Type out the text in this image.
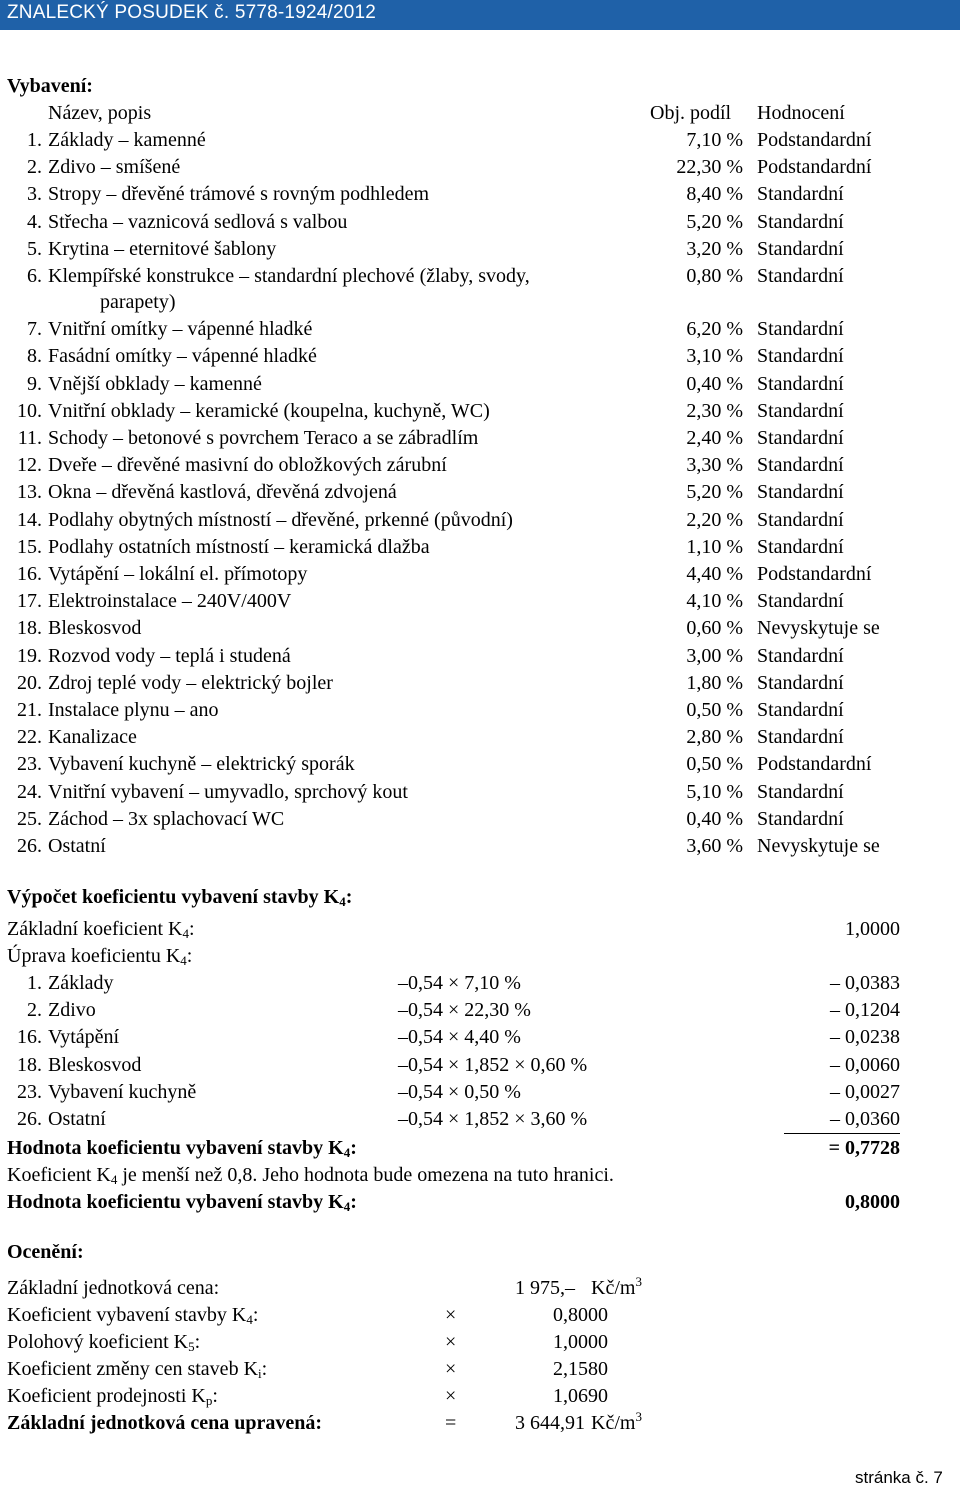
ZNALECKÝ POSUDEK č. 5778-1924/2012
Vybavení:
Název, popis	Obj. podíl Hodnocení
1. Základy – kamenné	7,10 % Podstandardní
2. Zdivo – smíšené	22,30 % Podstandardní
3. Stropy – dřevěné trámové s rovným podhledem	8,40 % Standardní
4. Střecha – vaznicová sedlová s valbou	5,20 % Standardní
5. Krytina – eternitové šablony	3,20 % Standardní
6. Klempířské konstrukce – standardní plechové (žlaby, svody,	0,80 % Standardní
parapety)
7. Vnitřní omítky – vápenné hladké	6,20 % Standardní
8. Fasádní omítky – vápenné hladké	3,10 % Standardní
9. Vnější obklady – kamenné	0,40 % Standardní
10. Vnitřní obklady – keramické (koupelna, kuchyně, WC)	2,30 % Standardní
11. Schody – betonové s povrchem Teraco a se zábradlím	2,40 % Standardní
12. Dveře – dřevěné masivní do obložkových zárubní	3,30 % Standardní
13. Okna – dřevěná kastlová, dřevěná zdvojená	5,20 % Standardní
14. Podlahy obytných místností – dřevěné, prkenné (původní)	2,20 % Standardní
15. Podlahy ostatních místností – keramická dlažba	1,10 % Standardní
16. Vytápění – lokální el. přímotopy	4,40 % Podstandardní
17. Elektroinstalace – 240V/400V	4,10 % Standardní
18. Bleskosvod	0,60 % Nevyskytuje se
19. Rozvod vody – teplá i studená	3,00 % Standardní
20. Zdroj teplé vody – elektrický bojler	1,80 % Standardní
21. Instalace plynu – ano	0,50 % Standardní
22. Kanalizace	2,80 % Standardní
23. Vybavení kuchyně – elektrický sporák	0,50 % Podstandardní
24. Vnitřní vybavení – umyvadlo, sprchový kout	5,10 % Standardní
25. Záchod – 3x splachovací WC	0,40 % Standardní
26. Ostatní	3,60 % Nevyskytuje se
Výpočet koeficientu vybavení stavby $K_4$:
Základní koeficient $K_4$:	1,0000
Úprava koeficientu $K_4$:
1. Základy	–0,54 × 7,10 %	– 0,0383
2. Zdivo	–0,54 × 22,30 %	– 0,1204
16. Vytápění	–0,54 × 4,40 %	– 0,0238
18. Bleskosvod	–0,54 × 1,852 × 0,60 %	– 0,0060
23. Vybavení kuchyně	–0,54 × 0,50 %	– 0,0027
26. Ostatní	–0,54 × 1,852 × 3,60 %	– 0,0360
Hodnota koeficientu vybavení stavby $K_4$:	= 0,7728
Koeficient $K_4$ je menší než 0,8. Jeho hodnota bude omezena na tuto hranici.
Hodnota koeficientu vybavení stavby $K_4$:	0,8000
Ocenění:
Základní jednotková cena:	1 975,– $Kč/m^3$
Koeficient vybavení stavby $K_4$:	×	0,8000
Polohový koeficient $K_5$:	×	1,0000
Koeficient změny cen staveb $K_i$:	×	2,1580
Koeficient prodejnosti $K_p$:	×	1,0690
Základní jednotková cena upravená:	=	3 644,91 $Kč/m^3$
stránka č. 7
